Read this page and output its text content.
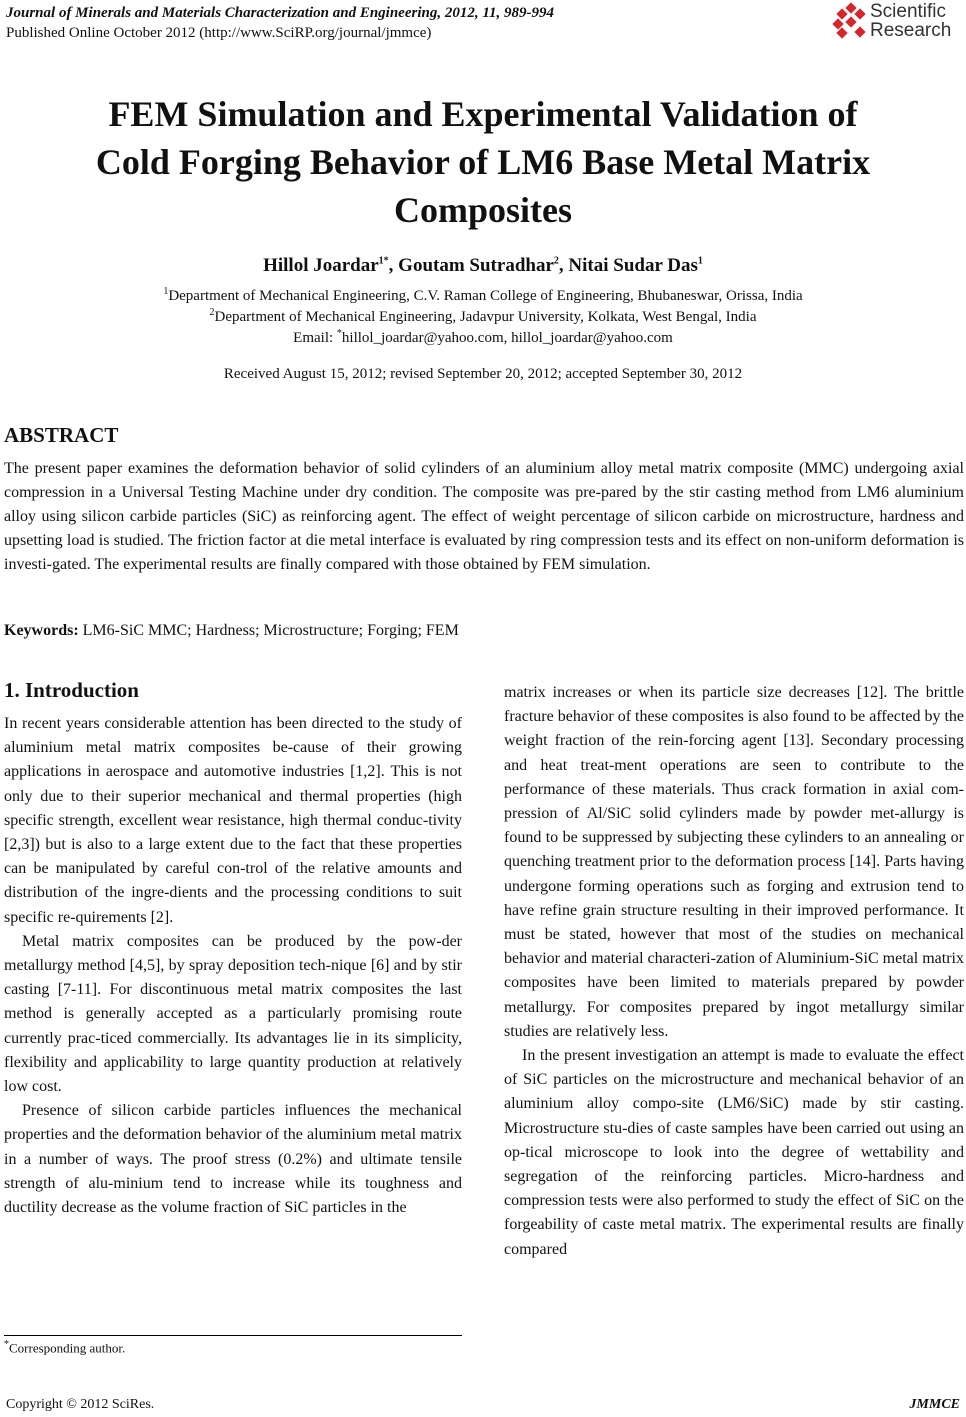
Journal of Minerals and Materials Characterization and Engineering, 2012, 11, 989-994
Published Online October 2012 (http://www.SciRP.org/journal/jmmce)
Scientific
Research
FEM Simulation and Experimental Validation of
Cold Forging Behavior of LM6 Base Metal Matrix
Composites
Hillol Joardar$^{1*}$, Goutam Sutradhar$^2$, Nitai Sudar Das$^1$
$^1$Department of Mechanical Engineering, C.V. Raman College of Engineering, Bhubaneswar, Orissa, India
$^2$Department of Mechanical Engineering, Jadavpur University, Kolkata, West Bengal, India
Email: *hillol_joardar@yahoo.com, hillol_joardar@yahoo.com
Received August 15, 2012; revised September 20, 2012; accepted September 30, 2012
ABSTRACT
The present paper examines the deformation behavior of solid cylinders of an aluminium alloy metal matrix composite (MMC) undergoing axial compression in a Universal Testing Machine under dry condition. The composite was pre-pared by the stir casting method from LM6 aluminium alloy using silicon carbide particles (SiC) as reinforcing agent. The effect of weight percentage of silicon carbide on microstructure, hardness and upsetting load is studied. The friction factor at die metal interface is evaluated by ring compression tests and its effect on non-uniform deformation is investi-gated. The experimental results are finally compared with those obtained by FEM simulation.
Keywords: LM6-SiC MMC; Hardness; Microstructure; Forging; FEM
1. Introduction

In recent years considerable attention has been directed to the study of aluminium metal matrix composites be-cause of their growing applications in aerospace and automotive industries [1,2]. This is not only due to their superior mechanical and thermal properties (high specific strength, excellent wear resistance, high thermal conduc-tivity [2,3]) but is also to a large extent due to the fact that these properties can be manipulated by careful con-trol of the relative amounts and distribution of the ingre-dients and the processing conditions to suit specific re-quirements [2].

Metal matrix composites can be produced by the pow-der metallurgy method [4,5], by spray deposition tech-nique [6] and by stir casting [7-11]. For discontinuous metal matrix composites the last method is generally accepted as a particularly promising route currently prac-ticed commercially. Its advantages lie in its simplicity, flexibility and applicability to large quantity production at relatively low cost.

Presence of silicon carbide particles influences the mechanical properties and the deformation behavior of the aluminium metal matrix in a number of ways. The proof stress (0.2%) and ultimate tensile strength of alu-minium tend to increase while its toughness and ductility decrease as the volume fraction of SiC particles in the

matrix increases or when its particle size decreases [12]. The brittle fracture behavior of these composites is also found to be affected by the weight fraction of the rein-forcing agent [13]. Secondary processing and heat treat-ment operations are seen to contribute to the performance of these materials. Thus crack formation in axial com-pression of Al/SiC solid cylinders made by powder met-allurgy is found to be suppressed by subjecting these cylinders to an annealing or quenching treatment prior to the deformation process [14]. Parts having undergone forming operations such as forging and extrusion tend to have refine grain structure resulting in their improved performance. It must be stated, however that most of the studies on mechanical behavior and material characteri-zation of Aluminium-SiC metal matrix composites have been limited to materials prepared by powder metallurgy. For composites prepared by ingot metallurgy similar studies are relatively less.

In the present investigation an attempt is made to evaluate the effect of SiC particles on the microstructure and mechanical behavior of an aluminium alloy compo-site (LM6/SiC) made by stir casting. Microstructure stu-dies of caste samples have been carried out using an op-tical microscope to look into the degree of wettability and segregation of the reinforcing particles. Micro-hardness and compression tests were also performed to study the effect of SiC on the forgeability of caste metal matrix. The experimental results are finally compared

*Corresponding author.
Copyright © 2012 SciRes.	JMMCE
